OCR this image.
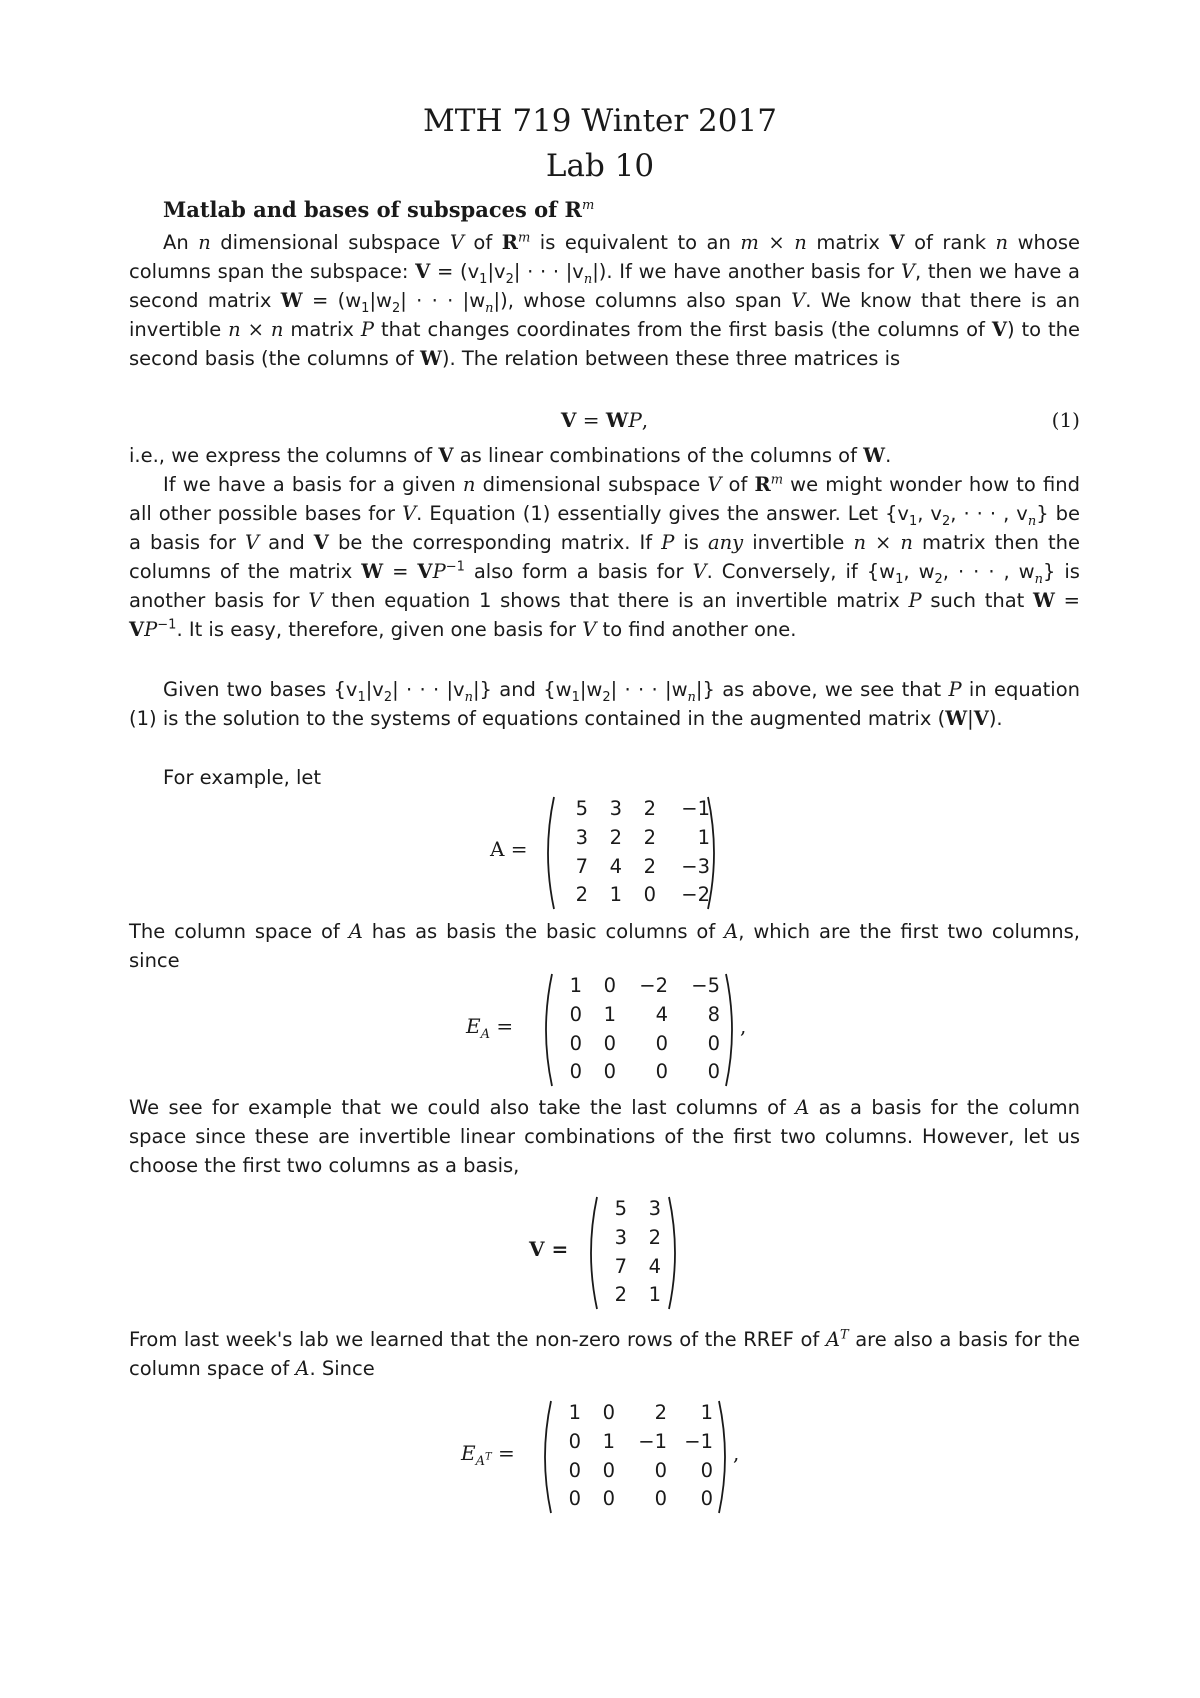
MTH 719 Winter 2017
Lab 10
Matlab and bases of subspaces of $R^m$

An n dimensional subspace V of $R^m$ is equivalent to an m × n matrix V of rank n whose columns span the subspace: $V = (v_1|v_2|$ · · · $|v_n|$). If we have another basis for V, then we have a second matrix $W = (w_1|w_2|$ · · · $|w_n|$), whose columns also span V. We know that there is an invertible n × n matrix P that changes coordinates from the first basis (the columns of V) to the second basis (the columns of W). The relation between these three matrices is

V = WP,	(1)

i.e., we express the columns of V as linear combinations of the columns of W.

If we have a basis for a given n dimensional subspace V of $R^m$ we might wonder how to find all other possible bases for V. Equation (1) essentially gives the answer. Let {$v_1$, $v_2$, · · · , $v_n$} be a basis for V and V be the corresponding matrix. If P is any invertible n × n matrix then the columns of the matrix $W = VP^{-1}$ also form a basis for V. Conversely, if {$w_1$, $w_2$, · · · , $w_n$} is another basis for V then equation 1 shows that there is an invertible matrix P such that $W = VP^{-1}$. It is easy, therefore, given one basis for V to find another one.

Given two bases {$v_1|v_2|$ · · · $|v_n|$} and {$w_1|w_2|$ · · · $|w_n|$} as above, we see that P in equation (1) is the solution to the systems of equations contained in the augmented matrix (W|V).

For example, let

A =
5	3	2	−1
3	2	2	1
7	4	2	−3
2	1	0	−2

The column space of A has as basis the basic columns of A, which are the first two columns, since

$E_A$ =
1	0	−2	−5
0	1	4	8
0	0	0	0
0	0	0	0
,

We see for example that we could also take the last columns of A as a basis for the column space since these are invertible linear combinations of the first two columns. However, let us choose the first two columns as a basis,

V =
5	3
3	2
7	4
2	1

From last week's lab we learned that the non-zero rows of the RREF of $A^T$ are also a basis for the column space of A. Since

$E_{A^T}$ =
1	0	2	1
0	1	−1 −1
0	0	0	0
0	0	0	0
,
